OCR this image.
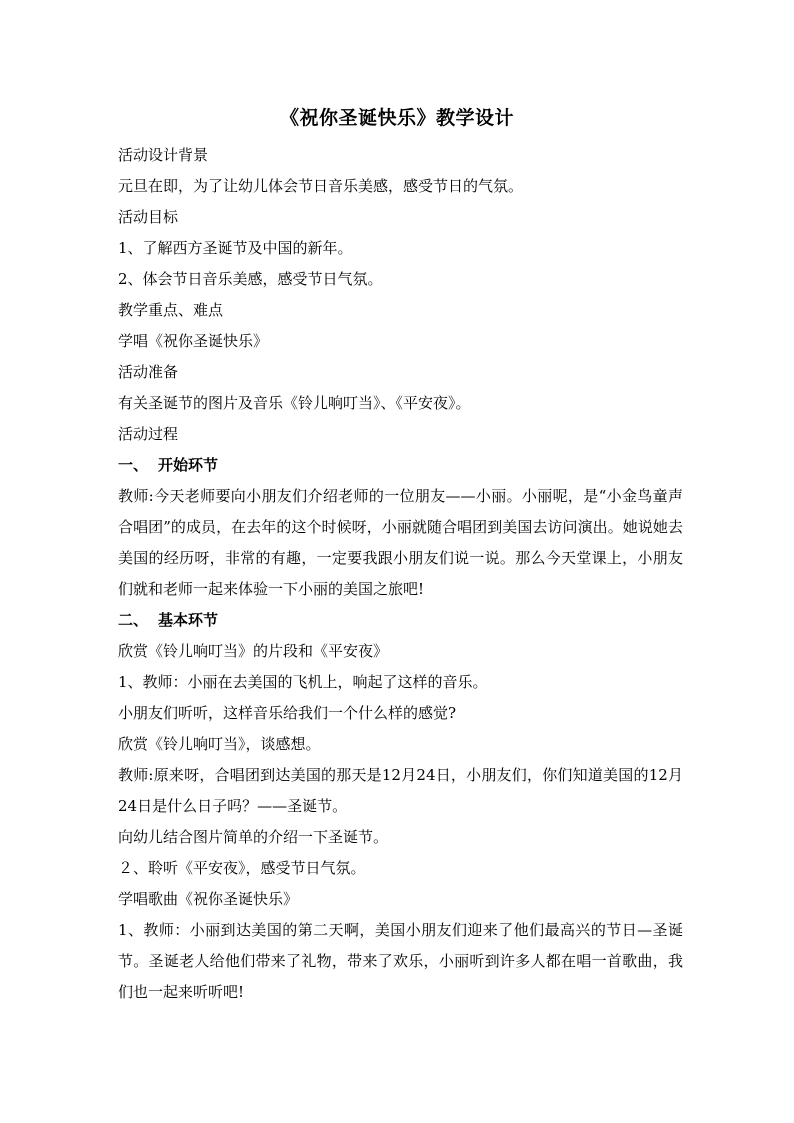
《祝你圣诞快乐》教学设计
活动设计背景
元旦在即，为了让幼儿体会节日音乐美感，感受节日的气氛。
活动目标
1、了解西方圣诞节及中国的新年。
2、体会节日音乐美感，感受节日气氛。
教学重点、难点
学唱《祝你圣诞快乐》
活动准备
有关圣诞节的图片及音乐《铃儿响叮当》、《平安夜》。
活动过程
一、 开始环节
教师:今天老师要向小朋友们介绍老师的一位朋友——小丽。小丽呢，是“小金鸟童声合唱团”的成员，在去年的这个时候呀，小丽就随合唱团到美国去访问演出。她说她去美国的经历呀，非常的有趣，一定要我跟小朋友们说一说。那么今天堂课上，小朋友们就和老师一起来体验一下小丽的美国之旅吧!
二、 基本环节
欣赏《铃儿响叮当》的片段和《平安夜》
1、教师：小丽在去美国的飞机上，响起了这样的音乐。
小朋友们听听，这样音乐给我们一个什么样的感觉?
欣赏《铃儿响叮当》，谈感想。
教师:原来呀，合唱团到达美国的那天是12月24日，小朋友们，你们知道美国的12月24日是什么日子吗？——圣诞节。
向幼儿结合图片简单的介绍一下圣诞节。
２、聆听《平安夜》，感受节日气氛。
学唱歌曲《祝你圣诞快乐》
1、教师：小丽到达美国的第二天啊，美国小朋友们迎来了他们最高兴的节日—圣诞节。圣诞老人给他们带来了礼物，带来了欢乐，小丽听到许多人都在唱一首歌曲，我们也一起来听听吧!
